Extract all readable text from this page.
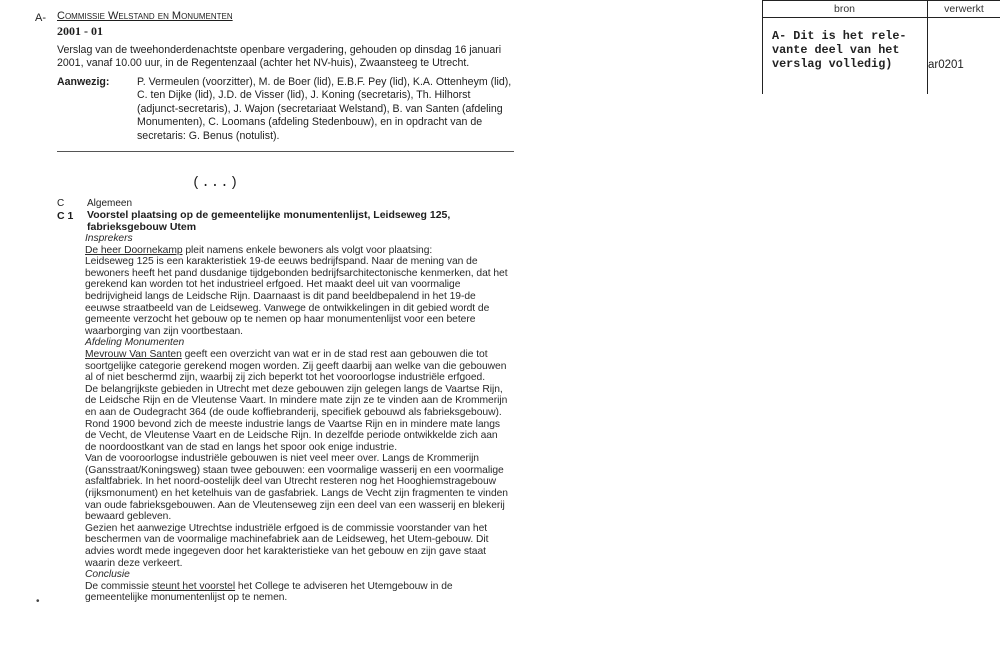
A- Commissie Welstand en Monumenten
2001 - 01
Verslag van de tweehonderdenachtste openbare vergadering, gehouden op dinsdag 16 januari 2001, vanaf 10.00 uur, in de Regentenzaal (achter het NV-huis), Zwaansteeg te Utrecht.
Aanwezig:	P. Vermeulen (voorzitter), M. de Boer (lid), E.B.F. Pey (lid), K.A. Ottenheym (lid), C. ten Dijke (lid), J.D. de Visser (lid), J. Koning (secretaris), Th. Hilhorst (adjunct-secretaris), J. Wajon (secretariaat Welstand), B. van Santen (afdeling Monumenten), C. Loomans (afdeling Stedenbouw), en in opdracht van de secretaris: G. Benus (notulist).
(...)
C Algemeen
C 1 Voorstel plaatsing op de gemeentelijke monumentenlijst, Leidseweg 125, fabrieksgebouw Utem

Insprekers

De heer Doornekamp pleit namens enkele bewoners als volgt voor plaatsing:

Leidseweg 125 is een karakteristiek 19-de eeuws bedrijfspand. Naar de mening van de bewoners heeft het pand dusdanige tijdgebonden bedrijfsarchitectonische kenmerken, dat het gerekend kan worden tot het industrieel erfgoed. Het maakt deel uit van voormalige bedrijvigheid langs de Leidsche Rijn. Daarnaast is dit pand beeldbepalend in het 19-de eeuwse straatbeeld van de Leidseweg. Vanwege de ontwikkelingen in dit gebied wordt de gemeente verzocht het gebouw op te nemen op haar monumentenlijst voor een betere waarborging van zijn voortbestaan.

Afdeling Monumenten

Mevrouw Van Santen geeft een overzicht van wat er in de stad rest aan gebouwen die tot soortgelijke categorie gerekend mogen worden. Zij geeft daarbij aan welke van die gebouwen al of niet beschermd zijn, waarbij zij zich beperkt tot het vooroorlogse industriële erfgoed.

De belangrijkste gebieden in Utrecht met deze gebouwen zijn gelegen langs de Vaartse Rijn, de Leidsche Rijn en de Vleutense Vaart. In mindere mate zijn ze te vinden aan de Krommerijn en aan de Oudegracht 364 (de oude koffiebranderij, specifiek gebouwd als fabrieksgebouw). Rond 1900 bevond zich de meeste industrie langs de Vaartse Rijn en in mindere mate langs de Vecht, de Vleutense Vaart en de Leidsche Rijn. In dezelfde periode ontwikkelde zich aan de noordoostkant van de stad en langs het spoor ook enige industrie.

Van de vooroorlogse industriële gebouwen is niet veel meer over. Langs de Krommerijn (Gansstraat/Koningsweg) staan twee gebouwen: een voormalige wasserij en een voormalige asfaltfabriek. In het noord-oostelijk deel van Utrecht resteren nog het Hooghiemstragebouw (rijksmonument) en het ketelhuis van de gasfabriek. Langs de Vecht zijn fragmenten te vinden van oude fabrieksgebouwen. Aan de Vleutenseweg zijn een deel van een wasserij en blekerij bewaard gebleven.

Gezien het aanwezige Utrechtse industriële erfgoed is de commissie voorstander van het beschermen van de voormalige machinefabriek aan de Leidseweg, het Utem-gebouw. Dit advies wordt mede ingegeven door het karakteristieke van het gebouw en zijn gave staat waarin deze verkeert.

Conclusie

De commissie steunt het voorstel het College te adviseren het Utemgebouw in de gemeentelijke monumentenlijst op te nemen.

•
bron	verwerkt
A- Dit is het rele-
vante deel van het
verslag volledig)	ar0201
